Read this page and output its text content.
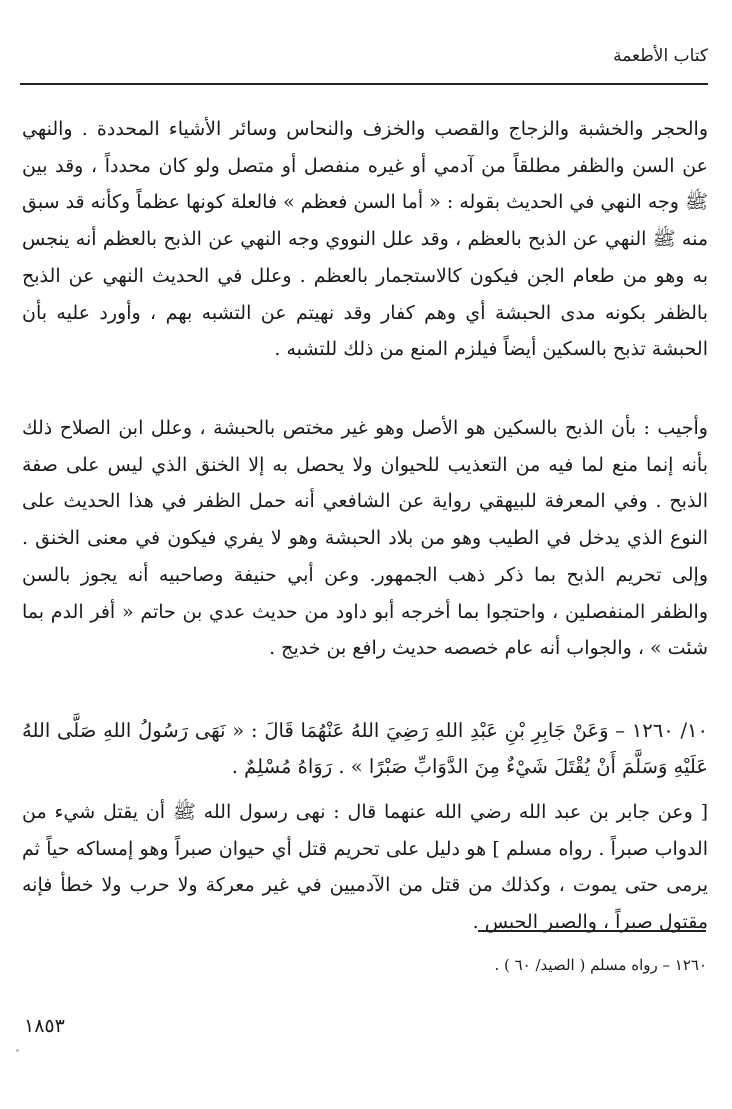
كتاب الأطعمة

والحجر والخشبة والزجاج والقصب والخزف والنحاس وسائر الأشياء المحددة . والنهي عن السن والظفر مطلقاً من آدمي أو غيره منفصل أو متصل ولو كان محدداً ، وقد بين ﷺ وجه النهي في الحديث بقوله : « أما السن فعظم » فالعلة كونها عظماً وكأنه قد سبق منه ﷺ النهي عن الذبح بالعظم ، وقد علل النووي وجه النهي عن الذبح بالعظم أنه ينجس به وهو من طعام الجن فيكون كالاستجمار بالعظم . وعلل في الحديث النهي عن الذبح بالظفر بكونه مدى الحبشة أي وهم كفار وقد نهيتم عن التشبه بهم ، وأورد عليه بأن الحبشة تذبح بالسكين أيضاً فيلزم المنع من ذلك للتشبه .

وأجيب : بأن الذبح بالسكين هو الأصل وهو غير مختص بالحبشة ، وعلل ابن الصلاح ذلك بأنه إنما منع لما فيه من التعذيب للحيوان ولا يحصل به إلا الخنق الذي ليس على صفة الذبح . وفي المعرفة للبيهقي رواية عن الشافعي أنه حمل الظفر في هذا الحديث على النوع الذي يدخل في الطيب وهو من بلاد الحبشة وهو لا يفري فيكون في معنى الخنق . وإلى تحريم الذبح بما ذكر ذهب الجمهور. وعن أبي حنيفة وصاحبيه أنه يجوز بالسن والظفر المنفصلين ، واحتجوا بما أخرجه أبو داود من حديث عدي بن حاتم « أفر الدم بما شئت » ، والجواب أنه عام خصصه حديث رافع بن خديج .

١٠/ ١٢٦٠ – وَعَنْ جَابِرِ بْنِ عَبْدِ اللهِ رَضِيَ اللهُ عَنْهُمَا قَالَ : « نَهَى رَسُولُ اللهِ صَلَّى اللهُ عَلَيْهِ وَسَلَّمَ أَنْ يُقْتَلَ شَيْءٌ مِنَ الدَّوَابِّ صَبْرًا » . رَوَاهُ مُسْلِمٌ .

[ وعن جابر بن عبد الله رضي الله عنهما قال : نهى رسول الله ﷺ أن يقتل شيء من الدواب صبراً . رواه مسلم ] هو دليل على تحريم قتل أي حيوان صبراً وهو إمساكه حياً ثم يرمى حتى يموت ، وكذلك من قتل من الآدميين في غير معركة ولا حرب ولا خطأ فإنه مقتول صبراً ، والصبر الحبس .

١٢٦٠ – رواه مسلم ( الصيد/ ٦٠ ) .
١٨٥٣
